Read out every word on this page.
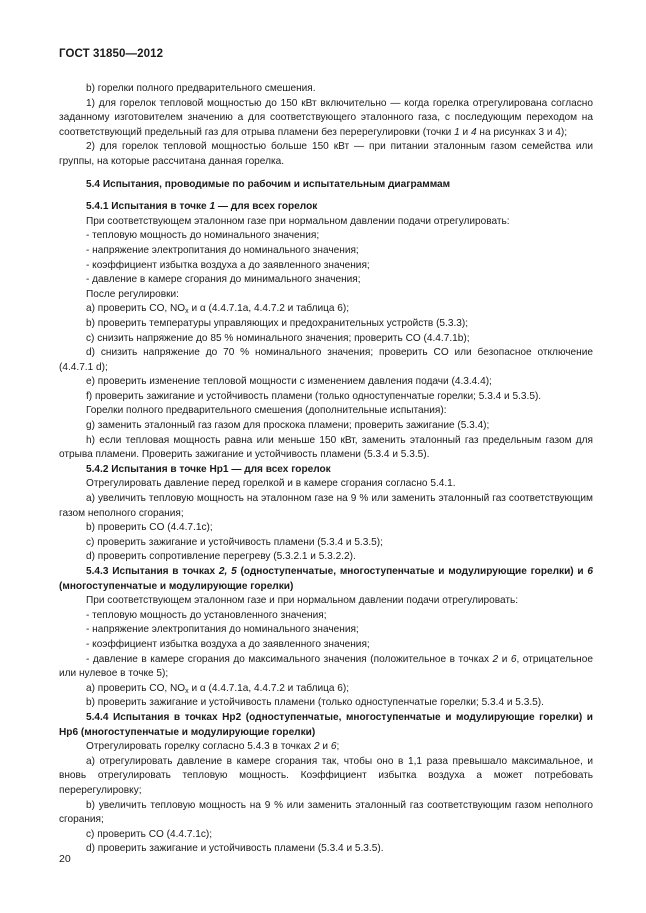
ГОСТ 31850—2012

b) горелки полного предварительного смешения.

1) для горелок тепловой мощностью до 150 кВт включительно — когда горелка отрегулирована согласно заданному изготовителем значению а для соответствующего эталонного газа, с последующим переходом на соответствующий предельный газ для отрыва пламени без перерегулировки (точки 1 и 4 на рисунках 3 и 4);

2) для горелок тепловой мощностью больше 150 кВт — при питании эталонным газом семейства или группы, на которые рассчитана данная горелка.

5.4 Испытания, проводимые по рабочим и испытательным диаграммам

5.4.1 Испытания в точке 1 — для всех горелок

При соответствующем эталонном газе при нормальном давлении подачи отрегулировать:

- тепловую мощность до номинального значения;

- напряжение электропитания до номинального значения;

- коэффициент избытка воздуха а до заявленного значения;

- давление в камере сгорания до минимального значения;

После регулировки:

а) проверить CO, $NO_x$ и α (4.4.7.1a, 4.4.7.2 и таблица 6);

b) проверить температуры управляющих и предохранительных устройств (5.3.3);

c) снизить напряжение до 85 % номинального значения; проверить CO (4.4.7.1b);

d) снизить напряжение до 70 % номинального значения; проверить CO или безопасное отключение (4.4.7.1 d);

e) проверить изменение тепловой мощности с изменением давления подачи (4.3.4.4);

f) проверить зажигание и устойчивость пламени (только одноступенчатые горелки; 5.3.4 и 5.3.5).

Горелки полного предварительного смешения (дополнительные испытания):

g) заменить эталонный газ газом для проскока пламени; проверить зажигание (5.3.4);

h) если тепловая мощность равна или меньше 150 кВт, заменить эталонный газ предельным газом для отрыва пламени. Проверить зажигание и устойчивость пламени (5.3.4 и 5.3.5).

5.4.2 Испытания в точке Нр1 — для всех горелок

Отрегулировать давление перед горелкой и в камере сгорания согласно 5.4.1.

а) увеличить тепловую мощность на эталонном газе на 9 % или заменить эталонный газ соответствующим газом неполного сгорания;

b) проверить CO (4.4.7.1c);

c) проверить зажигание и устойчивость пламени (5.3.4 и 5.3.5);

d) проверить сопротивление перегреву (5.3.2.1 и 5.3.2.2).

5.4.3 Испытания в точках 2, 5 (одноступенчатые, многоступенчатые и модулирующие горелки) и 6 (многоступенчатые и модулирующие горелки)

При соответствующем эталонном газе и при нормальном давлении подачи отрегулировать:

- тепловую мощность до установленного значения;

- напряжение электропитания до номинального значения;

- коэффициент избытка воздуха а до заявленного значения;

- давление в камере сгорания до максимального значения (положительное в точках 2 и 6, отрицательное или нулевое в точке 5);

а) проверить CO, $NO_x$ и α (4.4.7.1a, 4.4.7.2 и таблица 6);

b) проверить зажигание и устойчивость пламени (только одноступенчатые горелки; 5.3.4 и 5.3.5).

5.4.4 Испытания в точках Нр2 (одноступенчатые, многоступенчатые и модулирующие горелки) и Нр6 (многоступенчатые и модулирующие горелки)

Отрегулировать горелку согласно 5.4.3 в точках 2 и 6;

а) отрегулировать давление в камере сгорания так, чтобы оно в 1,1 раза превышало максимальное, и вновь отрегулировать тепловую мощность. Коэффициент избытка воздуха а может потребовать перерегулировку;

b) увеличить тепловую мощность на 9 % или заменить эталонный газ соответствующим газом неполного сгорания;

c) проверить CO (4.4.7.1c);

d) проверить зажигание и устойчивость пламени (5.3.4 и 5.3.5).

20
